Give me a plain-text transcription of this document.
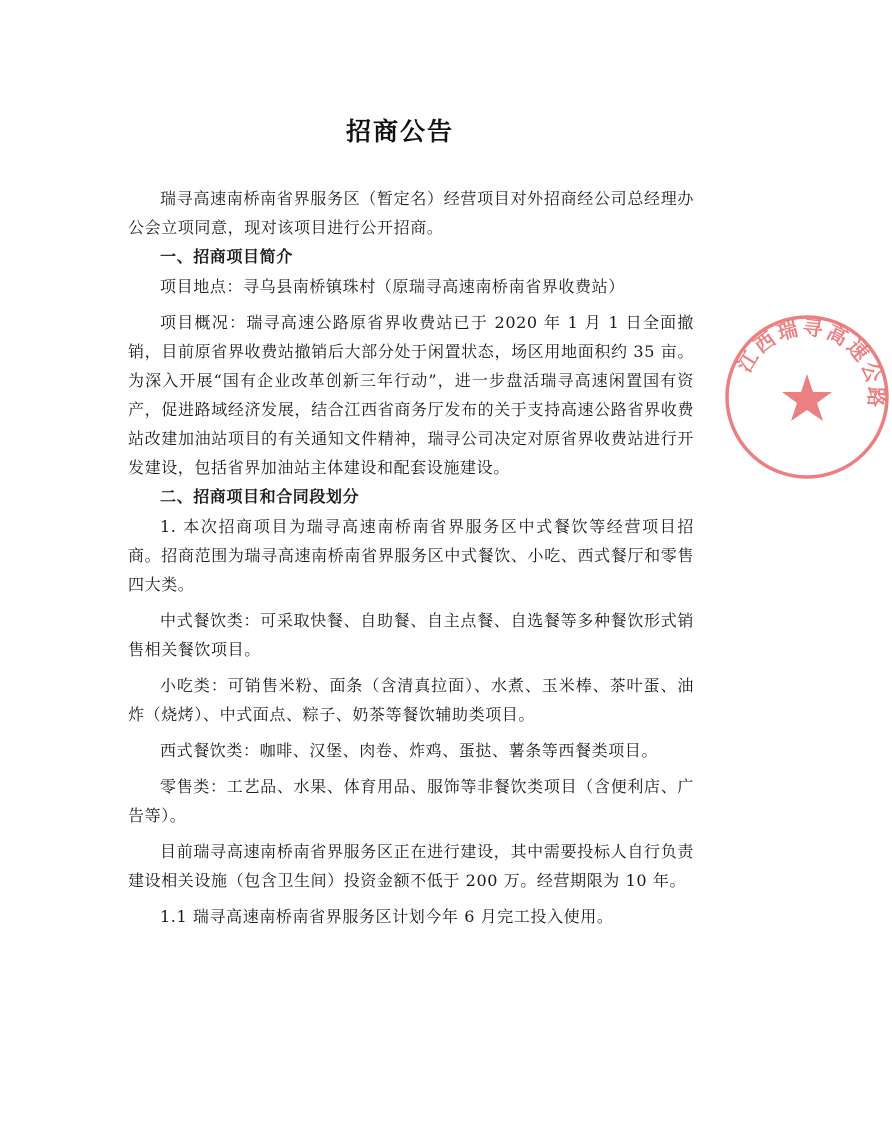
招商公告

瑞寻高速南桥南省界服务区（暂定名）经营项目对外招商经公司总经理办公会立项同意，现对该项目进行公开招商。

一、招商项目简介

项目地点：寻乌县南桥镇珠村（原瑞寻高速南桥南省界收费站）

项目概况：瑞寻高速公路原省界收费站已于 2020 年 1 月 1 日全面撤销，目前原省界收费站撤销后大部分处于闲置状态，场区用地面积约 35 亩。为深入开展“国有企业改革创新三年行动”，进一步盘活瑞寻高速闲置国有资产，促进路域经济发展，结合江西省商务厅发布的关于支持高速公路省界收费站改建加油站项目的有关通知文件精神，瑞寻公司决定对原省界收费站进行开发建设，包括省界加油站主体建设和配套设施建设。

二、招商项目和合同段划分

1. 本次招商项目为瑞寻高速南桥南省界服务区中式餐饮等经营项目招商。招商范围为瑞寻高速南桥南省界服务区中式餐饮、小吃、西式餐厅和零售四大类。

中式餐饮类：可采取快餐、自助餐、自主点餐、自选餐等多种餐饮形式销售相关餐饮项目。

小吃类：可销售米粉、面条（含清真拉面）、水煮、玉米棒、茶叶蛋、油炸（烧烤）、中式面点、粽子、奶茶等餐饮辅助类项目。

西式餐饮类：咖啡、汉堡、肉卷、炸鸡、蛋挞、薯条等西餐类项目。

零售类：工艺品、水果、体育用品、服饰等非餐饮类项目（含便利店、广告等）。

目前瑞寻高速南桥南省界服务区正在进行建设，其中需要投标人自行负责建设相关设施（包含卫生间）投资金额不低于 200 万。经营期限为 10 年。

1.1 瑞寻高速南桥南省界服务区计划今年 6 月完工投入使用。

江西瑞寻高速公路
